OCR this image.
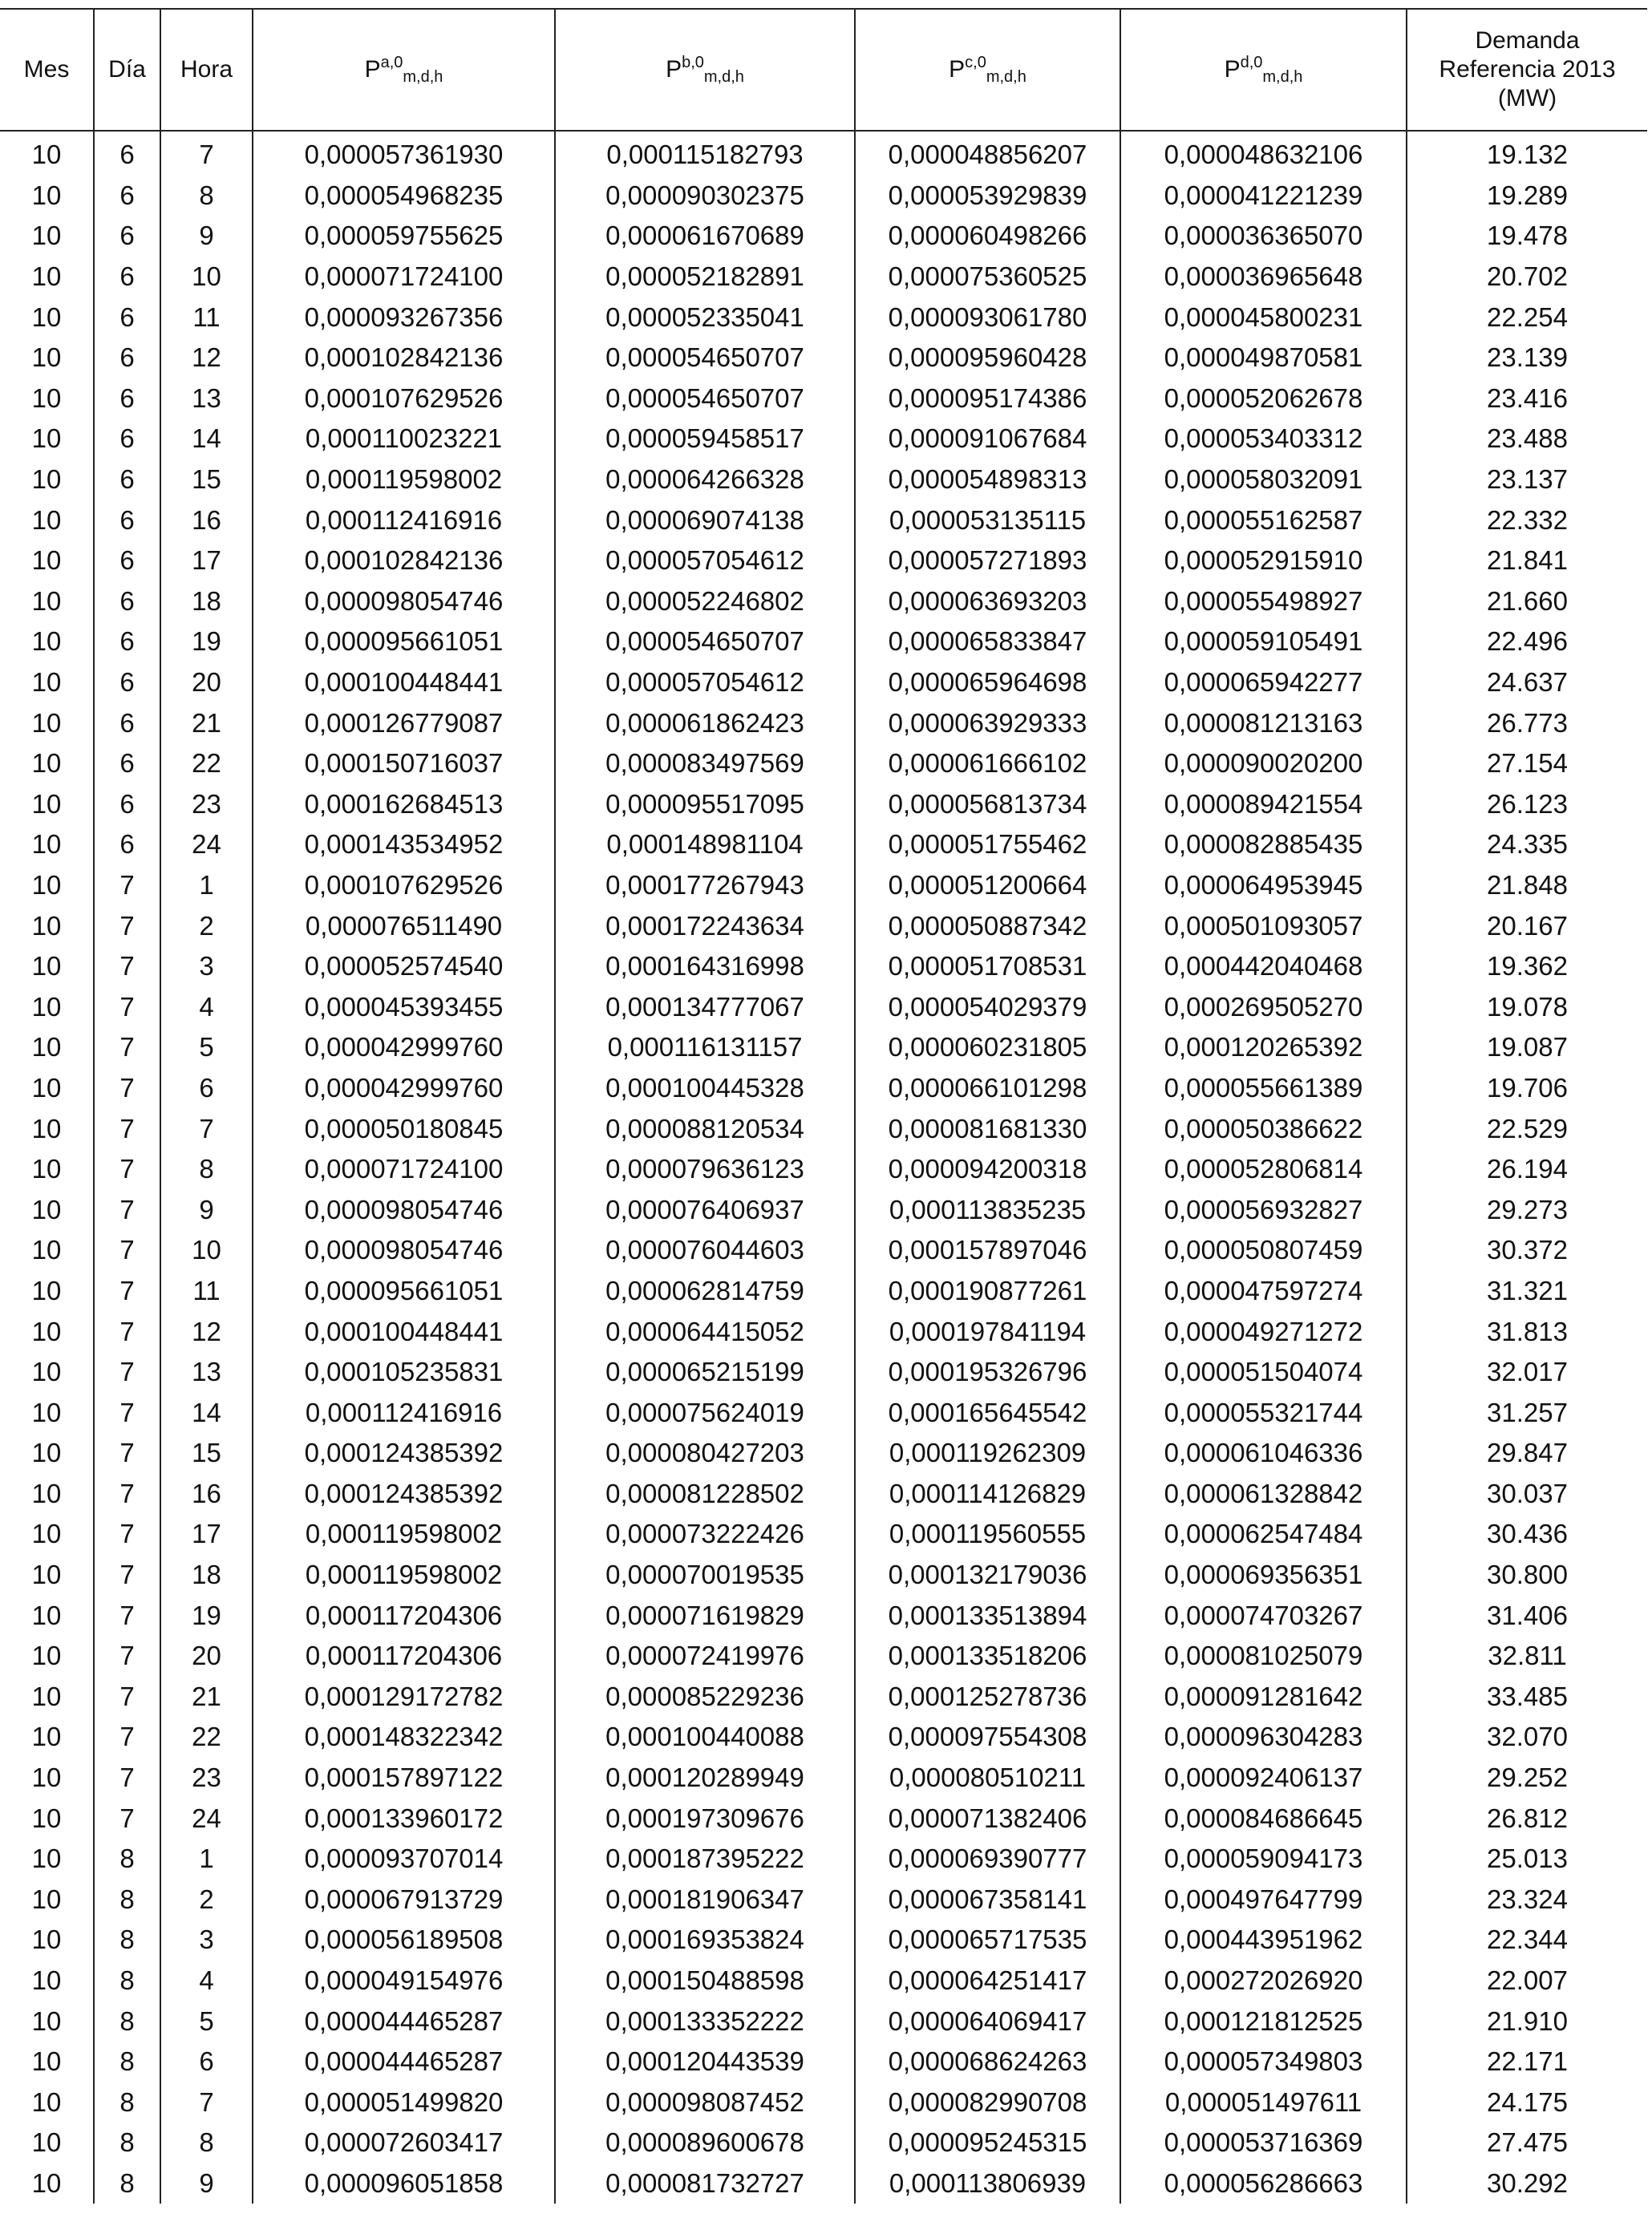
Mes	Día	Hora	P$^{a,0}_{m,d,h}$	P$^{b,0}_{m,d,h}$	P$^{c,0}_{m,d,h}$	P$^{d,0}_{m,d,h}$	Demanda
Referencia 2013
(MW)
10	6	7	0,000057361930	0,000115182793	0,000048856207	0,000048632106	19.132
10	6	8	0,000054968235	0,000090302375	0,000053929839	0,000041221239	19.289
10	6	9	0,000059755625	0,000061670689	0,000060498266	0,000036365070	19.478
10	6	10	0,000071724100	0,000052182891	0,000075360525	0,000036965648	20.702
10	6	11	0,000093267356	0,000052335041	0,000093061780	0,000045800231	22.254
10	6	12	0,000102842136	0,000054650707	0,000095960428	0,000049870581	23.139
10	6	13	0,000107629526	0,000054650707	0,000095174386	0,000052062678	23.416
10	6	14	0,000110023221	0,000059458517	0,000091067684	0,000053403312	23.488
10	6	15	0,000119598002	0,000064266328	0,000054898313	0,000058032091	23.137
10	6	16	0,000112416916	0,000069074138	0,000053135115	0,000055162587	22.332
10	6	17	0,000102842136	0,000057054612	0,000057271893	0,000052915910	21.841
10	6	18	0,000098054746	0,000052246802	0,000063693203	0,000055498927	21.660
10	6	19	0,000095661051	0,000054650707	0,000065833847	0,000059105491	22.496
10	6	20	0,000100448441	0,000057054612	0,000065964698	0,000065942277	24.637
10	6	21	0,000126779087	0,000061862423	0,000063929333	0,000081213163	26.773
10	6	22	0,000150716037	0,000083497569	0,000061666102	0,000090020200	27.154
10	6	23	0,000162684513	0,000095517095	0,000056813734	0,000089421554	26.123
10	6	24	0,000143534952	0,000148981104	0,000051755462	0,000082885435	24.335
10	7	1	0,000107629526	0,000177267943	0,000051200664	0,000064953945	21.848
10	7	2	0,000076511490	0,000172243634	0,000050887342	0,000501093057	20.167
10	7	3	0,000052574540	0,000164316998	0,000051708531	0,000442040468	19.362
10	7	4	0,000045393455	0,000134777067	0,000054029379	0,000269505270	19.078
10	7	5	0,000042999760	0,000116131157	0,000060231805	0,000120265392	19.087
10	7	6	0,000042999760	0,000100445328	0,000066101298	0,000055661389	19.706
10	7	7	0,000050180845	0,000088120534	0,000081681330	0,000050386622	22.529
10	7	8	0,000071724100	0,000079636123	0,000094200318	0,000052806814	26.194
10	7	9	0,000098054746	0,000076406937	0,000113835235	0,000056932827	29.273
10	7	10	0,000098054746	0,000076044603	0,000157897046	0,000050807459	30.372
10	7	11	0,000095661051	0,000062814759	0,000190877261	0,000047597274	31.321
10	7	12	0,000100448441	0,000064415052	0,000197841194	0,000049271272	31.813
10	7	13	0,000105235831	0,000065215199	0,000195326796	0,000051504074	32.017
10	7	14	0,000112416916	0,000075624019	0,000165645542	0,000055321744	31.257
10	7	15	0,000124385392	0,000080427203	0,000119262309	0,000061046336	29.847
10	7	16	0,000124385392	0,000081228502	0,000114126829	0,000061328842	30.037
10	7	17	0,000119598002	0,000073222426	0,000119560555	0,000062547484	30.436
10	7	18	0,000119598002	0,000070019535	0,000132179036	0,000069356351	30.800
10	7	19	0,000117204306	0,000071619829	0,000133513894	0,000074703267	31.406
10	7	20	0,000117204306	0,000072419976	0,000133518206	0,000081025079	32.811
10	7	21	0,000129172782	0,000085229236	0,000125278736	0,000091281642	33.485
10	7	22	0,000148322342	0,000100440088	0,000097554308	0,000096304283	32.070
10	7	23	0,000157897122	0,000120289949	0,000080510211	0,000092406137	29.252
10	7	24	0,000133960172	0,000197309676	0,000071382406	0,000084686645	26.812
10	8	1	0,000093707014	0,000187395222	0,000069390777	0,000059094173	25.013
10	8	2	0,000067913729	0,000181906347	0,000067358141	0,000497647799	23.324
10	8	3	0,000056189508	0,000169353824	0,000065717535	0,000443951962	22.344
10	8	4	0,000049154976	0,000150488598	0,000064251417	0,000272026920	22.007
10	8	5	0,000044465287	0,000133352222	0,000064069417	0,000121812525	21.910
10	8	6	0,000044465287	0,000120443539	0,000068624263	0,000057349803	22.171
10	8	7	0,000051499820	0,000098087452	0,000082990708	0,000051497611	24.175
10	8	8	0,000072603417	0,000089600678	0,000095245315	0,000053716369	27.475
10	8	9	0,000096051858	0,000081732727	0,000113806939	0,000056286663	30.292
